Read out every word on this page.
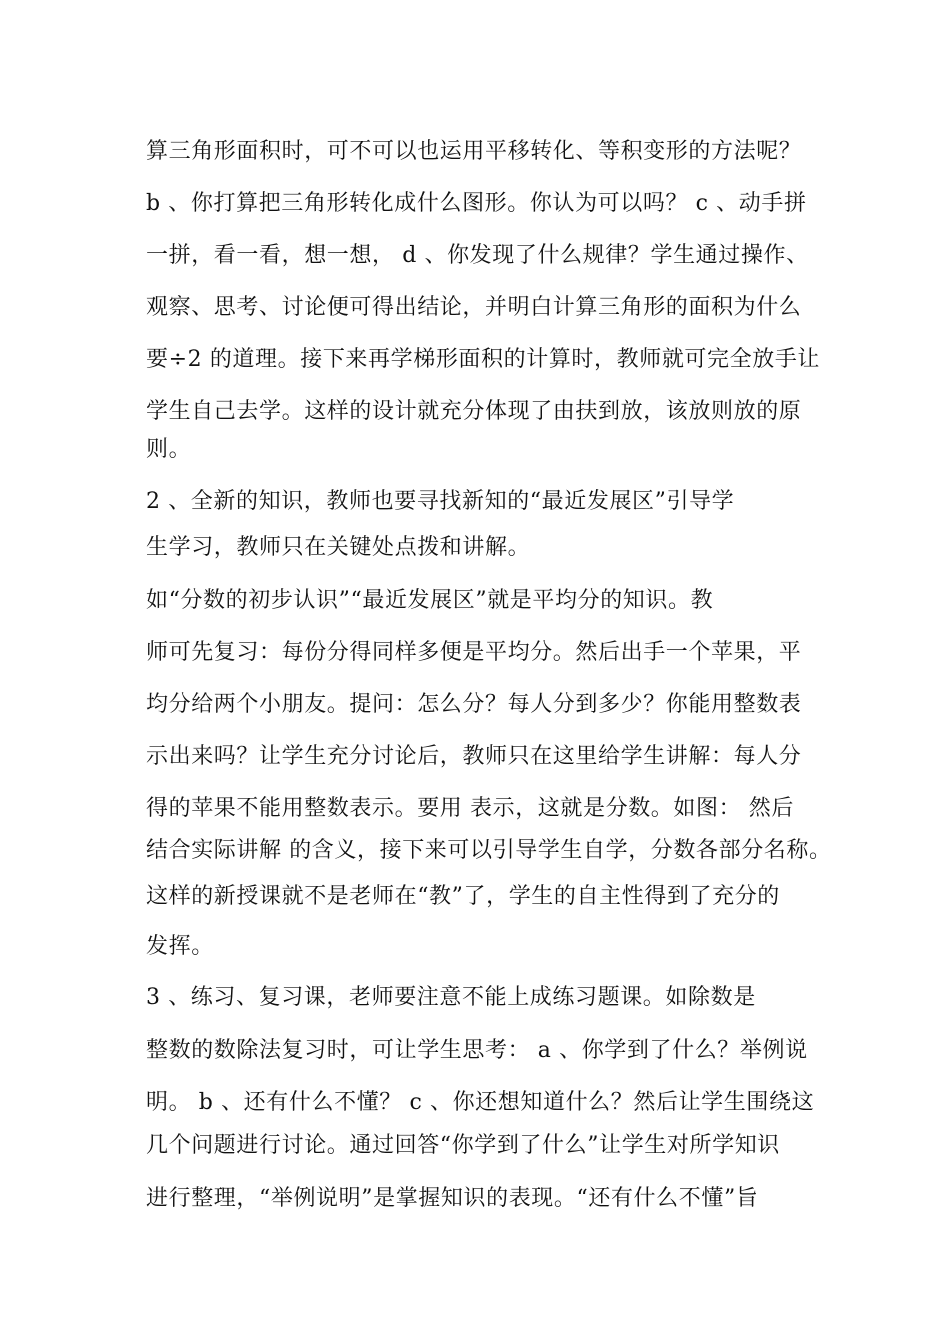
算三角形面积时，可不可以也运用平移转化、等积变形的方法呢？
b 、你打算把三角形转化成什么图形。你认为可以吗？ c 、动手拼
一拼，看一看，想一想， d 、你发现了什么规律？学生通过操作、
观察、思考、讨论便可得出结论，并明白计算三角形的面积为什么
要÷2 的道理。接下来再学梯形面积的计算时，教师就可完全放手让
学生自己去学。这样的设计就充分体现了由扶到放，该放则放的原
则。
2 、全新的知识，教师也要寻找新知的“最近发展区”引导学
生学习，教师只在关键处点拨和讲解。
如“分数的初步认识”“最近发展区”就是平均分的知识。教
师可先复习：每份分得同样多便是平均分。然后出手一个苹果，平
均分给两个小朋友。提问：怎么分？每人分到多少？你能用整数表
示出来吗？让学生充分讨论后，教师只在这里给学生讲解：每人分
得的苹果不能用整数表示。要用 表示，这就是分数。如图： 然后
结合实际讲解 的含义，接下来可以引导学生自学，分数各部分名称。
这样的新授课就不是老师在“教”了，学生的自主性得到了充分的
发挥。
3 、练习、复习课，老师要注意不能上成练习题课。如除数是
整数的数除法复习时，可让学生思考： a 、你学到了什么？举例说
明。 b 、还有什么不懂？ c 、你还想知道什么？然后让学生围绕这
几个问题进行讨论。通过回答“你学到了什么”让学生对所学知识
进行整理，“举例说明”是掌握知识的表现。“还有什么不懂”旨
